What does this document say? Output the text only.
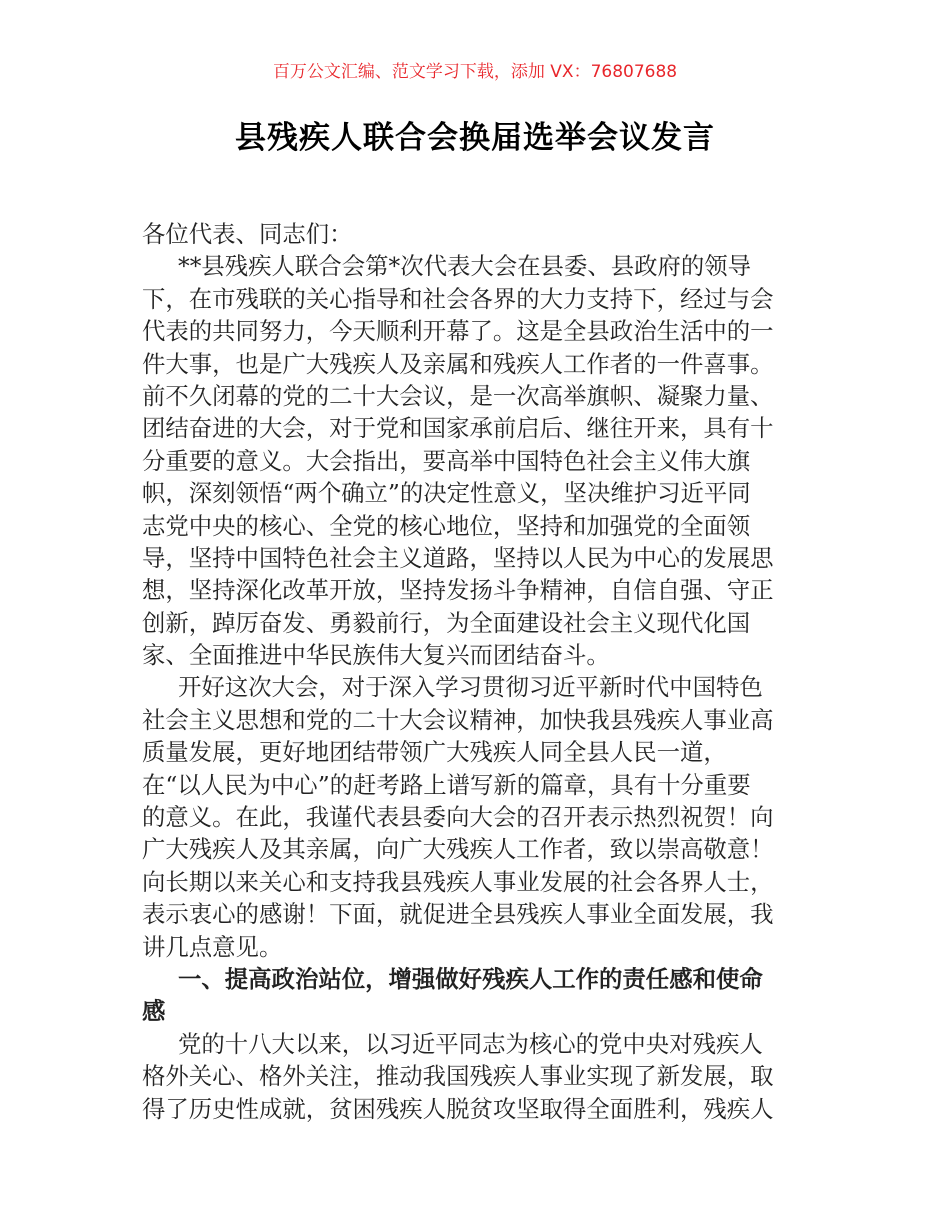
百万公文汇编、范文学习下载，添加 VX：76807688
县残疾人联合会换届选举会议发言
各位代表、同志们：
**县残疾人联合会第*次代表大会在县委、县政府的领导
下，在市残联的关心指导和社会各界的大力支持下，经过与会
代表的共同努力，今天顺利开幕了。这是全县政治生活中的一
件大事，也是广大残疾人及亲属和残疾人工作者的一件喜事。
前不久闭幕的党的二十大会议，是一次高举旗帜、凝聚力量、
团结奋进的大会，对于党和国家承前启后、继往开来，具有十
分重要的意义。大会指出，要高举中国特色社会主义伟大旗
帜，深刻领悟“两个确立”的决定性意义，坚决维护习近平同
志党中央的核心、全党的核心地位，坚持和加强党的全面领
导，坚持中国特色社会主义道路，坚持以人民为中心的发展思
想，坚持深化改革开放，坚持发扬斗争精神，自信自强、守正
创新，踔厉奋发、勇毅前行，为全面建设社会主义现代化国
家、全面推进中华民族伟大复兴而团结奋斗。
开好这次大会，对于深入学习贯彻习近平新时代中国特色
社会主义思想和党的二十大会议精神，加快我县残疾人事业高
质量发展，更好地团结带领广大残疾人同全县人民一道，
在“以人民为中心”的赶考路上谱写新的篇章，具有十分重要
的意义。在此，我谨代表县委向大会的召开表示热烈祝贺！向
广大残疾人及其亲属，向广大残疾人工作者，致以崇高敬意！
向长期以来关心和支持我县残疾人事业发展的社会各界人士，
表示衷心的感谢！下面，就促进全县残疾人事业全面发展，我
讲几点意见。
一、提高政治站位，增强做好残疾人工作的责任感和使命
感
党的十八大以来，以习近平同志为核心的党中央对残疾人
格外关心、格外关注，推动我国残疾人事业实现了新发展，取
得了历史性成就，贫困残疾人脱贫攻坚取得全面胜利，残疾人
